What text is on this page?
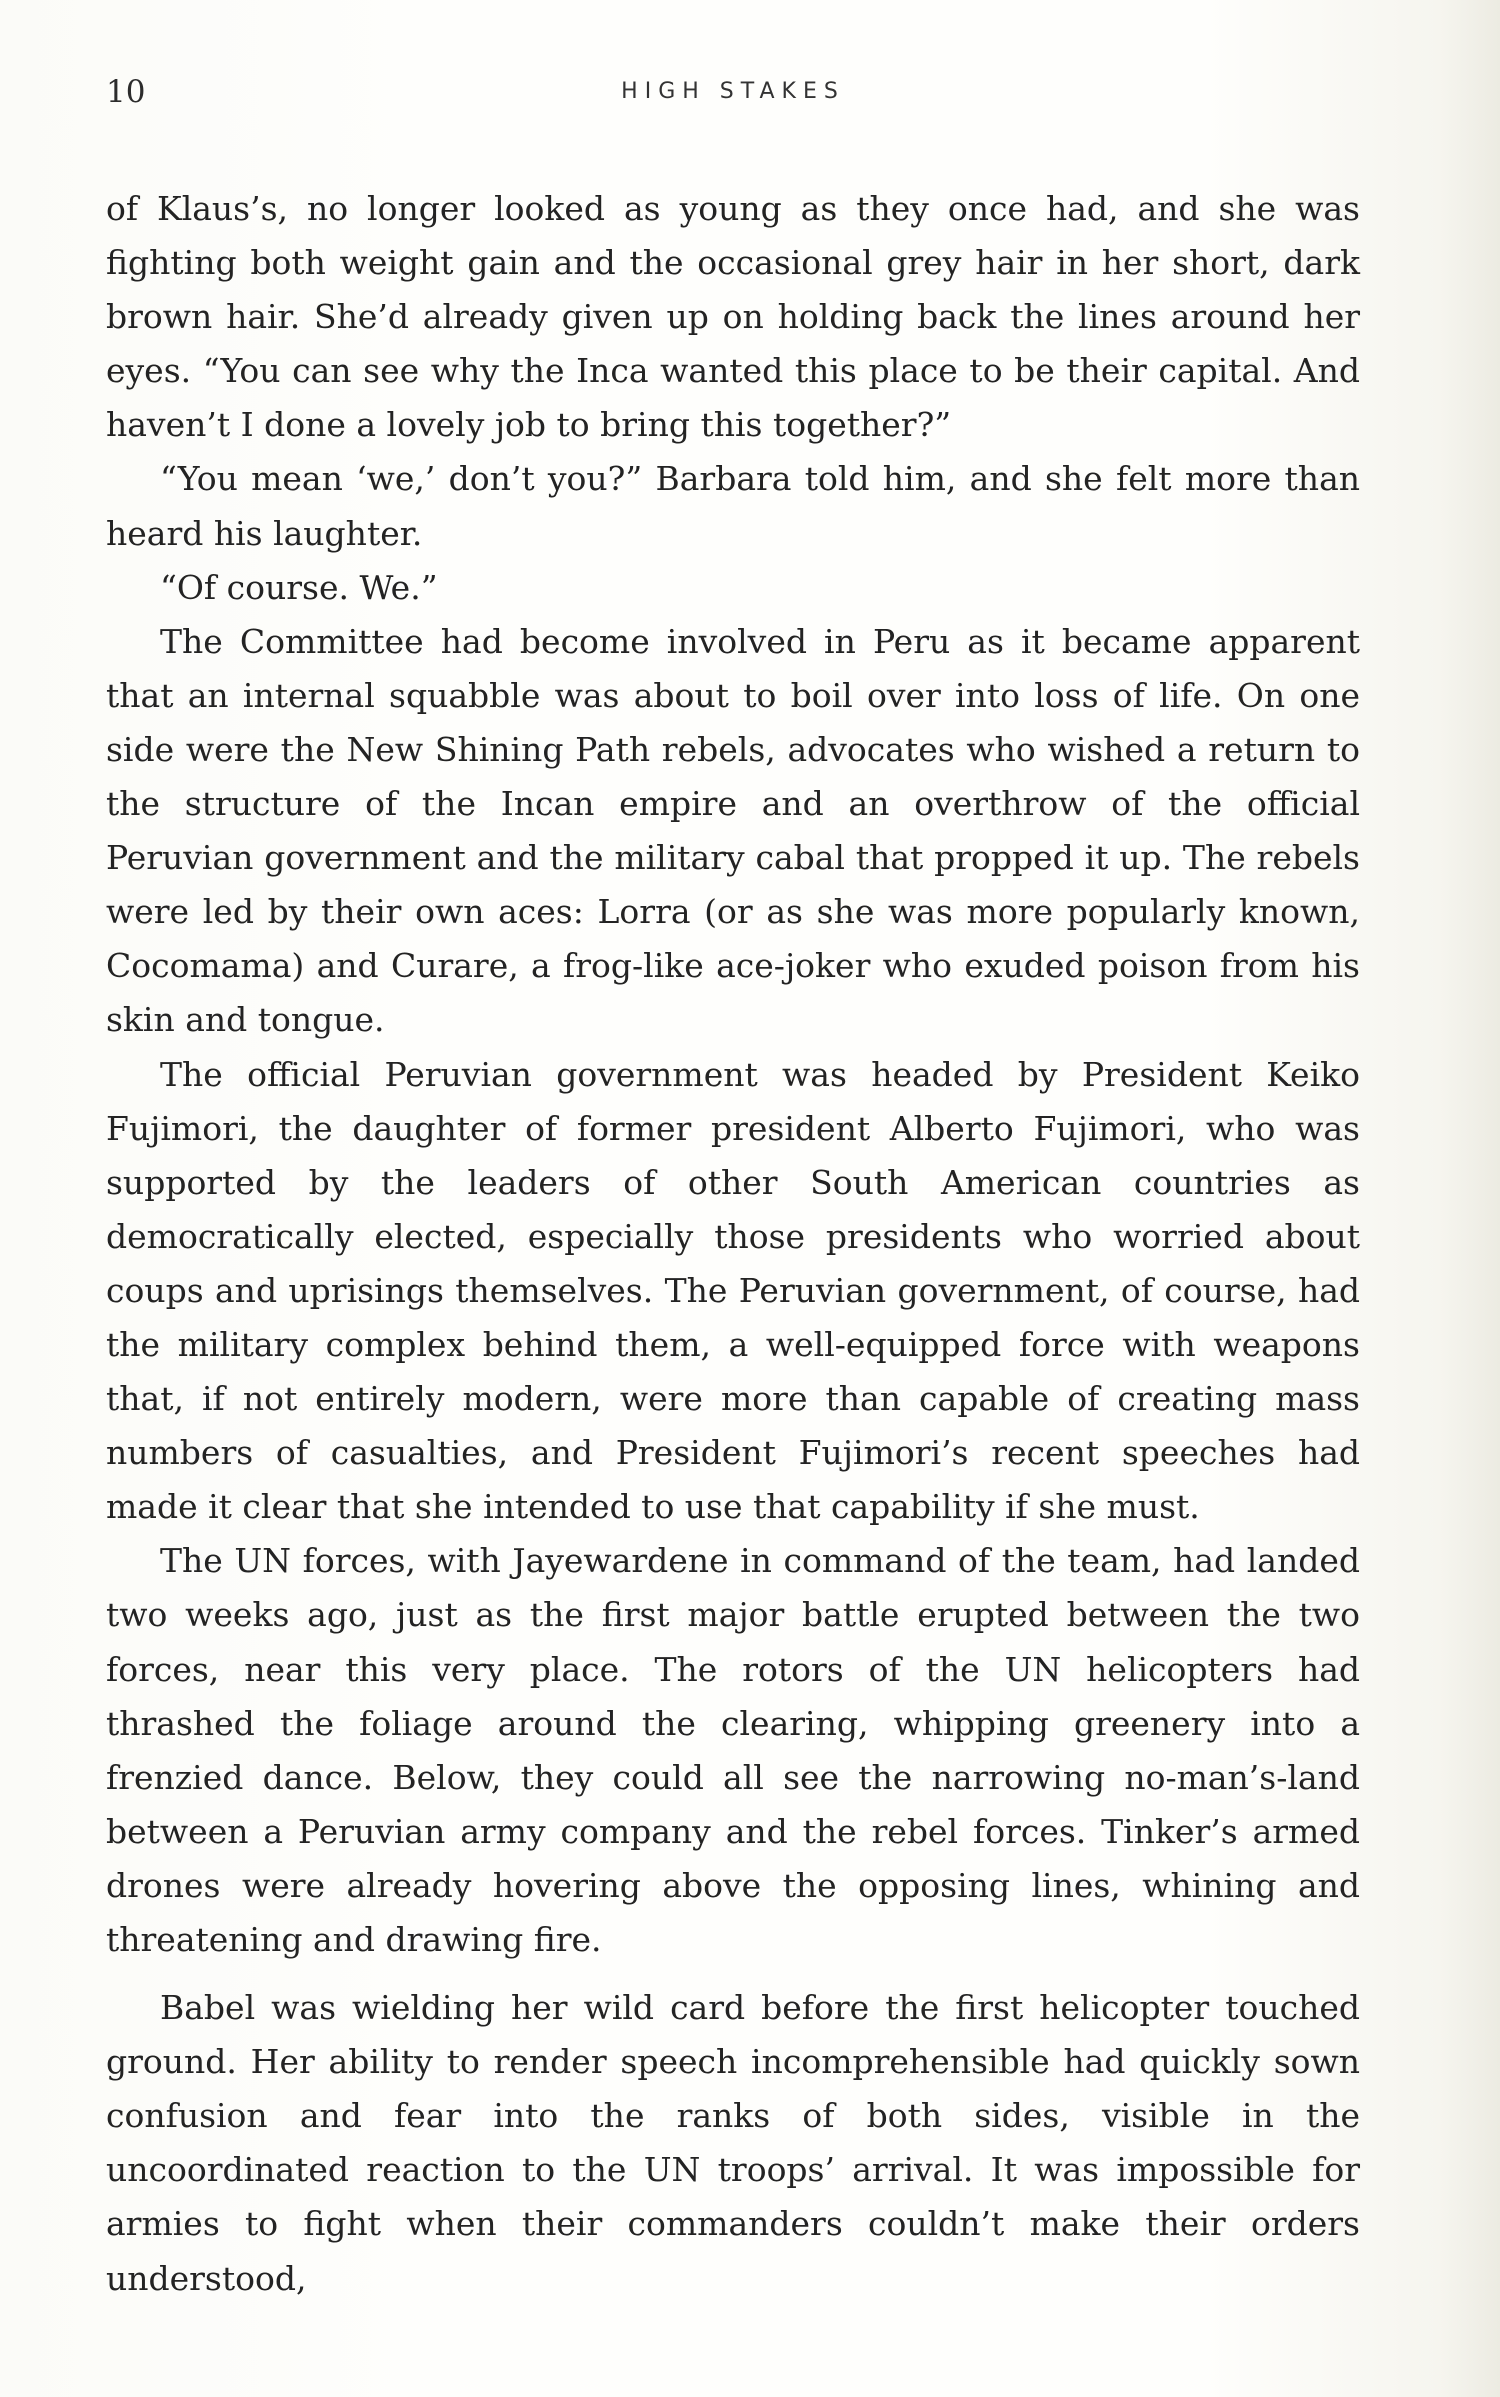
10	HIGH STAKES

of Klaus’s, no longer looked as young as they once had, and she was fighting both weight gain and the occasional grey hair in her short, dark brown hair. She’d already given up on holding back the lines around her eyes. “You can see why the Inca wanted this place to be their capital. And haven’t I done a lovely job to bring this together?”

“You mean ‘we,’ don’t you?” Barbara told him, and she felt more than heard his laughter.

“Of course. We.”

The Committee had become involved in Peru as it became apparent that an internal squabble was about to boil over into loss of life. On one side were the New Shining Path rebels, advocates who wished a return to the structure of the Incan empire and an overthrow of the official Peruvian government and the military cabal that propped it up. The rebels were led by their own aces: Lorra (or as she was more popularly known, Cocomama) and Curare, a frog-like ace-joker who exuded poison from his skin and tongue.

The official Peruvian government was headed by President Keiko Fujimori, the daughter of former president Alberto Fujimori, who was supported by the leaders of other South American countries as democratically elected, especially those presidents who worried about coups and uprisings themselves. The Peruvian government, of course, had the military complex behind them, a well-equipped force with weapons that, if not entirely modern, were more than capable of creating mass numbers of casualties, and President Fujimori’s recent speeches had made it clear that she intended to use that capability if she must.

The UN forces, with Jayewardene in command of the team, had landed two weeks ago, just as the first major battle erupted between the two forces, near this very place. The rotors of the UN helicopters had thrashed the foliage around the clearing, whipping greenery into a frenzied dance. Below, they could all see the narrowing no-man’s-land between a Peruvian army company and the rebel forces. Tinker’s armed drones were already hovering above the opposing lines, whining and threatening and drawing fire.

Babel was wielding her wild card before the first helicopter touched ground. Her ability to render speech incomprehensible had quickly sown confusion and fear into the ranks of both sides, visible in the uncoordinated reaction to the UN troops’ arrival. It was impossible for armies to fight when their commanders couldn’t make their orders understood,
